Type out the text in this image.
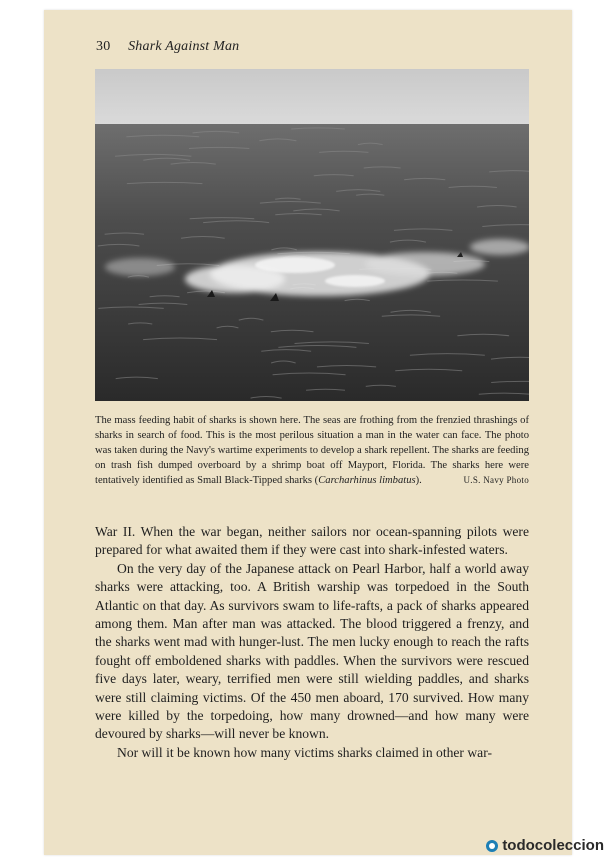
30 Shark Against Man
The mass feeding habit of sharks is shown here. The seas are frothing from the frenzied thrashings of sharks in search of food. This is the most perilous situation a man in the water can face. The photo was taken during the Navy's wartime experiments to develop a shark repellent. The sharks are feeding on trash fish dumped overboard by a shrimp boat off Mayport, Florida. The sharks here were tentatively identified as Small Black-Tipped sharks (Carcharhinus limbatus).	U.S. Navy Photo

War II. When the war began, neither sailors nor ocean-spanning pilots were prepared for what awaited them if they were cast into shark-infested waters.

On the very day of the Japanese attack on Pearl Harbor, half a world away sharks were attacking, too. A British warship was torpedoed in the South Atlantic on that day. As survivors swam to life-rafts, a pack of sharks appeared among them. Man after man was attacked. The blood triggered a frenzy, and the sharks went mad with hunger-lust. The men lucky enough to reach the rafts fought off emboldened sharks with paddles. When the survivors were rescued five days later, weary, terrified men were still wielding paddles, and sharks were still claiming victims. Of the 450 men aboard, 170 survived. How many were killed by the torpedoing, how many drowned—and how many were devoured by sharks—will never be known.

Nor will it be known how many victims sharks claimed in other war-

todocoleccion
